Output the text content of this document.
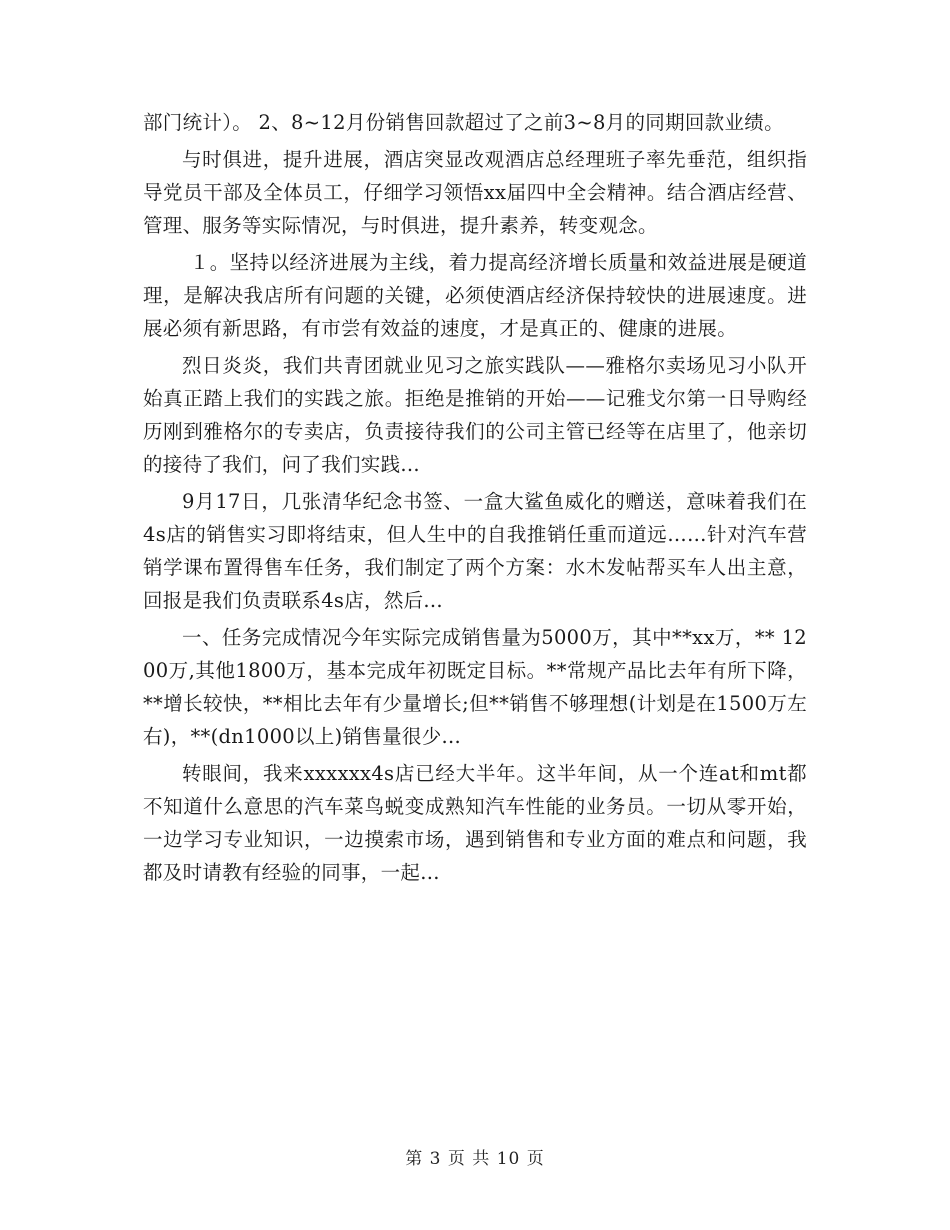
部门统计）。 2、8~12月份销售回款超过了之前3~8月的同期回款业绩。

与时俱进，提升进展，酒店突显改观酒店总经理班子率先垂范，组织指导党员干部及全体员工，仔细学习领悟xx届四中全会精神。结合酒店经营、管理、服务等实际情况，与时俱进，提升素养，转变观念。

１。坚持以经济进展为主线，着力提高经济增长质量和效益进展是硬道理，是解决我店所有问题的关键，必须使酒店经济保持较快的进展速度。进展必须有新思路，有市尝有效益的速度，才是真正的、健康的进展。

烈日炎炎，我们共青团就业见习之旅实践队——雅格尔卖场见习小队开始真正踏上我们的实践之旅。拒绝是推销的开始——记雅戈尔第一日导购经历刚到雅格尔的专卖店，负责接待我们的公司主管已经等在店里了，他亲切的接待了我们，问了我们实践...

9月17日，几张清华纪念书签、一盒大鲨鱼威化的赠送，意味着我们在4s店的销售实习即将结束，但人生中的自我推销任重而道远……针对汽车营销学课布置得售车任务，我们制定了两个方案：水木发帖帮买车人出主意，回报是我们负责联系4s店，然后...

一、任务完成情况今年实际完成销售量为5000万，其中**xx万，** 1200万,其他1800万，基本完成年初既定目标。**常规产品比去年有所下降，**增长较快，**相比去年有少量增长;但**销售不够理想(计划是在1500万左右)，**(dn1000以上)销售量很少...

转眼间，我来xxxxxx4s店已经大半年。这半年间，从一个连at和mt都不知道什么意思的汽车菜鸟蜕变成熟知汽车性能的业务员。一切从零开始，一边学习专业知识，一边摸索市场，遇到销售和专业方面的难点和问题，我都及时请教有经验的同事，一起...

第 3 页 共 10 页
